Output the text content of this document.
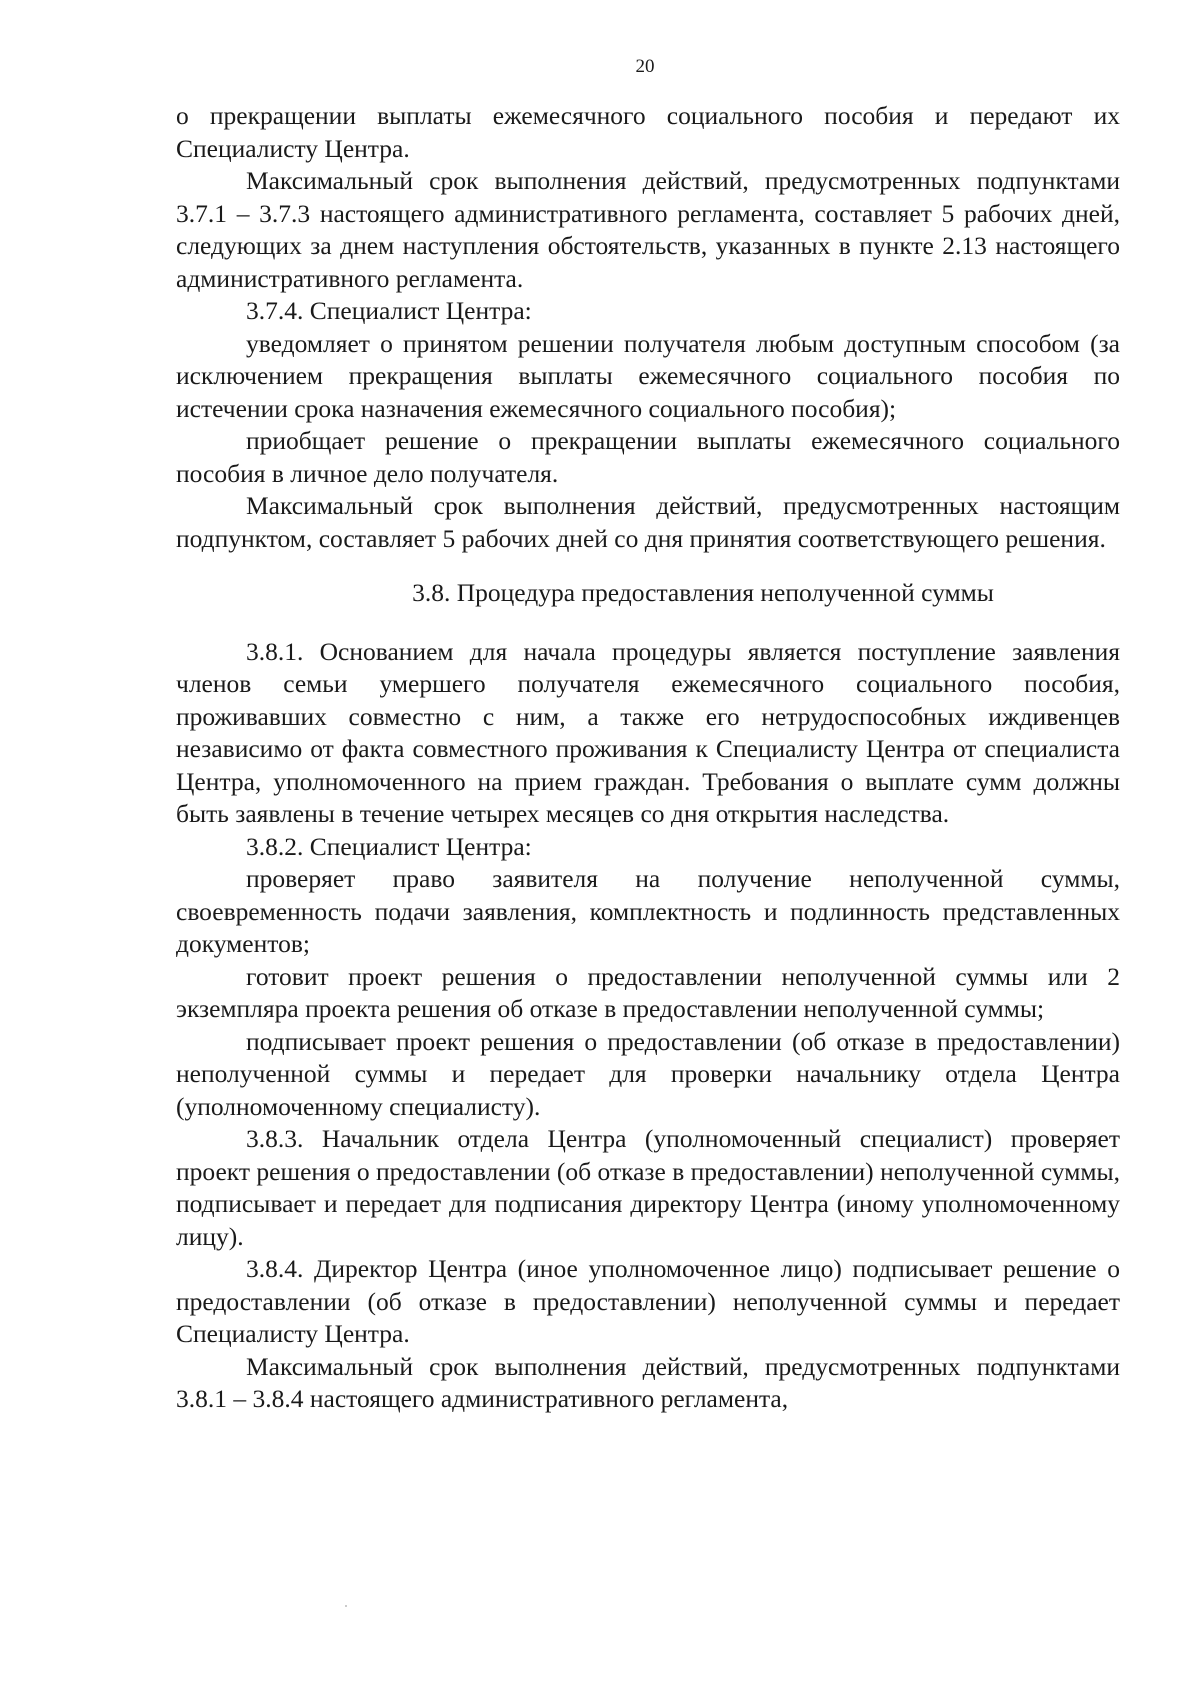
20

о прекращении выплаты ежемесячного социального пособия и передают их Специалисту Центра.

Максимальный срок выполнения действий, предусмотренных подпунктами 3.7.1 – 3.7.3 настоящего административного регламента, составляет 5 рабочих дней, следующих за днем наступления обстоятельств, указанных в пункте 2.13 настоящего административного регламента.

3.7.4. Специалист Центра:

уведомляет о принятом решении получателя любым доступным способом (за исключением прекращения выплаты ежемесячного социального пособия по истечении срока назначения ежемесячного социального пособия);

приобщает решение о прекращении выплаты ежемесячного социального пособия в личное дело получателя.

Максимальный срок выполнения действий, предусмотренных настоящим подпунктом, составляет 5 рабочих дней со дня принятия соответствующего решения.

3.8. Процедура предоставления неполученной суммы

3.8.1. Основанием для начала процедуры является поступление заявления членов семьи умершего получателя ежемесячного социального пособия, проживавших совместно с ним, а также его нетрудоспособных иждивенцев независимо от факта совместного проживания к Специалисту Центра от специалиста Центра, уполномоченного на прием граждан. Требования о выплате сумм должны быть заявлены в течение четырех месяцев со дня открытия наследства.

3.8.2. Специалист Центра:

проверяет право заявителя на получение неполученной суммы, своевременность подачи заявления, комплектность и подлинность представленных документов;

готовит проект решения о предоставлении неполученной суммы или 2 экземпляра проекта решения об отказе в предоставлении неполученной суммы;

подписывает проект решения о предоставлении (об отказе в предоставлении) неполученной суммы и передает для проверки начальнику отдела Центра (уполномоченному специалисту).

3.8.3. Начальник отдела Центра (уполномоченный специалист) проверяет проект решения о предоставлении (об отказе в предоставлении) неполученной суммы, подписывает и передает для подписания директору Центра (иному уполномоченному лицу).

3.8.4. Директор Центра (иное уполномоченное лицо) подписывает решение о предоставлении (об отказе в предоставлении) неполученной суммы и передает Специалисту Центра.

Максимальный срок выполнения действий, предусмотренных подпунктами 3.8.1 – 3.8.4 настоящего административного регламента,
